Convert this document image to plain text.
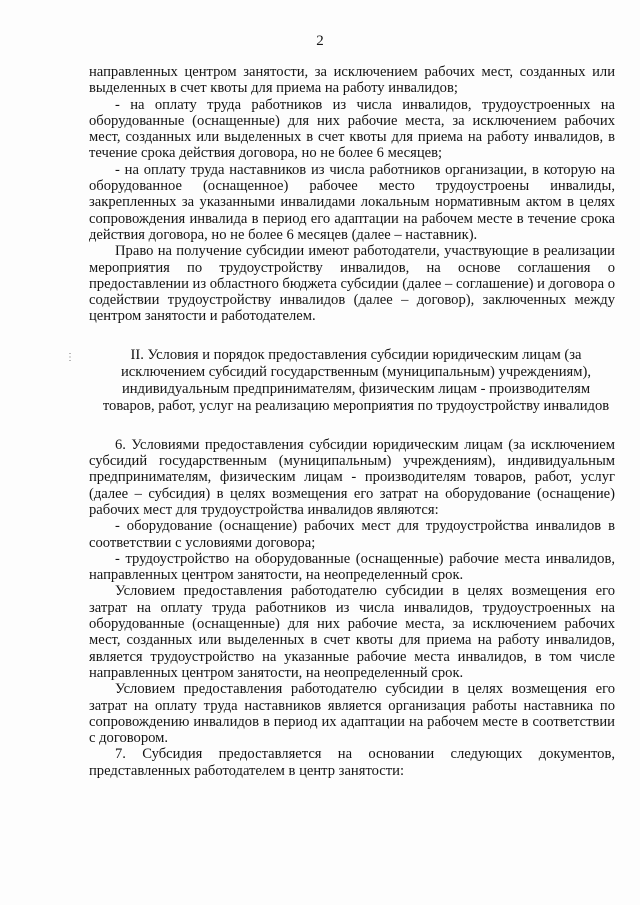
2

направленных центром занятости, за исключением рабочих мест, созданных или выделенных в счет квоты для приема на работу инвалидов;

- на оплату труда работников из числа инвалидов, трудоустроенных на оборудованные (оснащенные) для них рабочие места, за исключением рабочих мест, созданных или выделенных в счет квоты для приема на работу инвалидов, в течение срока действия договора, но не более 6 месяцев;

- на оплату труда наставников из числа работников организации, в которую на оборудованное (оснащенное) рабочее место трудоустроены инвалиды, закрепленных за указанными инвалидами локальным нормативным актом в целях сопровождения инвалида в период его адаптации на рабочем месте в течение срока действия договора, но не более 6 месяцев (далее – наставник).

Право на получение субсидии имеют работодатели, участвующие в реализации мероприятия по трудоустройству инвалидов, на основе соглашения о предоставлении из областного бюджета субсидии (далее – соглашение) и договора о содействии трудоустройству инвалидов (далее – договор), заключенных между центром занятости и работодателем.

⋮	II. Условия и порядок предоставления субсидии юридическим лицам (за исключением субсидий государственным (муниципальным) учреждениям), индивидуальным предпринимателям, физическим лицам - производителям товаров, работ, услуг на реализацию мероприятия по трудоустройству инвалидов

6. Условиями предоставления субсидии юридическим лицам (за исключением субсидий государственным (муниципальным) учреждениям), индивидуальным предпринимателям, физическим лицам - производителям товаров, работ, услуг (далее – субсидия) в целях возмещения его затрат на оборудование (оснащение) рабочих мест для трудоустройства инвалидов являются:

- оборудование (оснащение) рабочих мест для трудоустройства инвалидов в соответствии с условиями договора;

- трудоустройство на оборудованные (оснащенные) рабочие места инвалидов, направленных центром занятости, на неопределенный срок.

Условием предоставления работодателю субсидии в целях возмещения его затрат на оплату труда работников из числа инвалидов, трудоустроенных на оборудованные (оснащенные) для них рабочие места, за исключением рабочих мест, созданных или выделенных в счет квоты для приема на работу инвалидов, является трудоустройство на указанные рабочие места инвалидов, в том числе направленных центром занятости, на неопределенный срок.

Условием предоставления работодателю субсидии в целях возмещения его затрат на оплату труда наставников является организация работы наставника по сопровождению инвалидов в период их адаптации на рабочем месте в соответствии с договором.

7. Субсидия предоставляется на основании следующих документов, представленных работодателем в центр занятости:
